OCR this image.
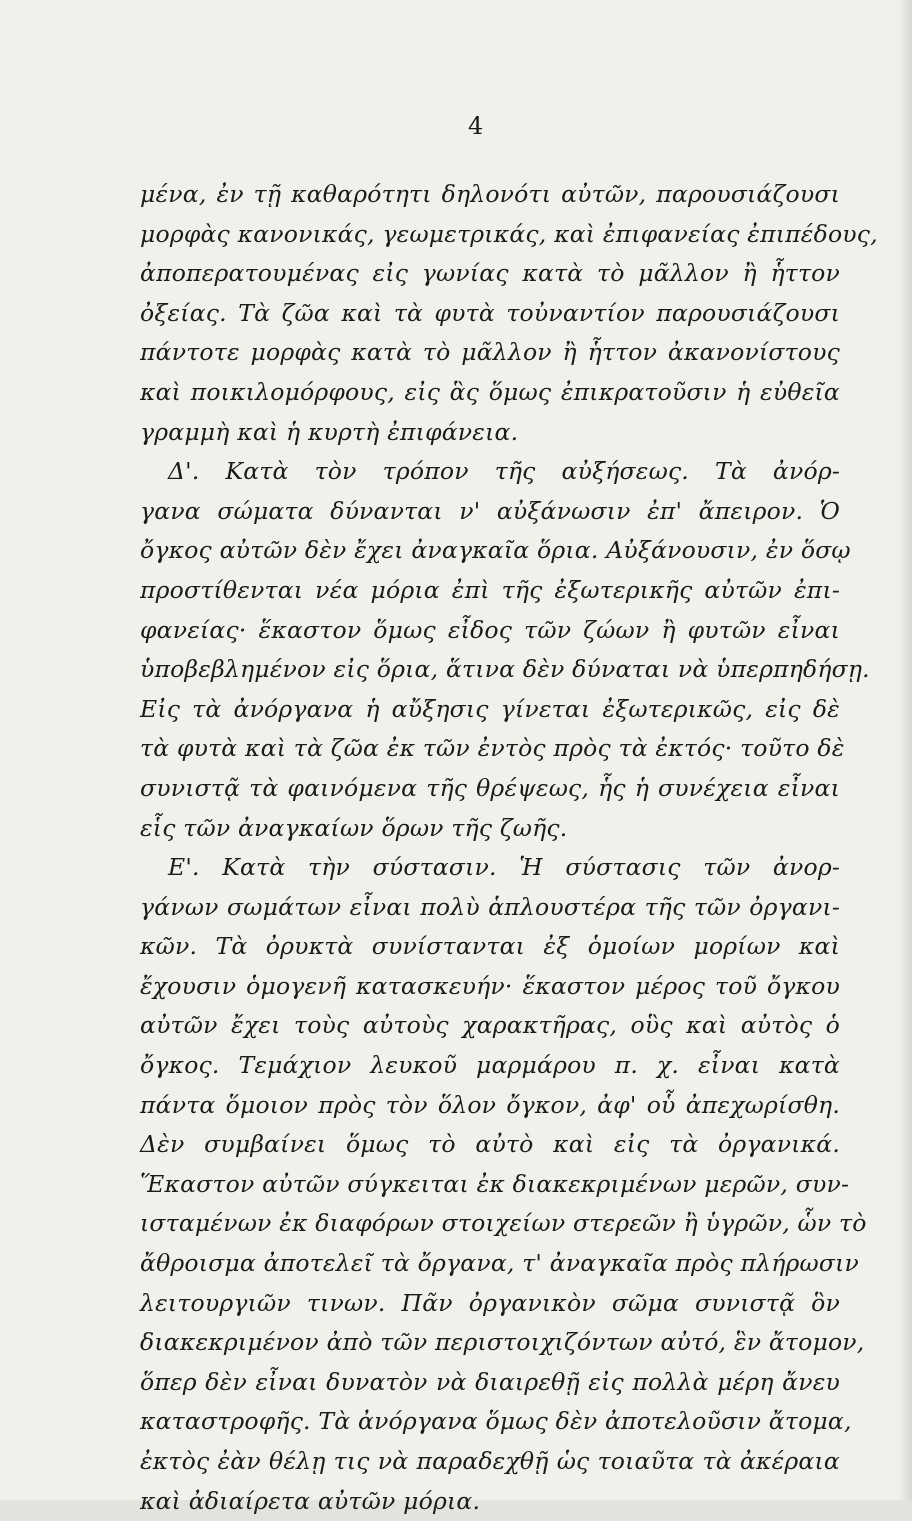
4
μένα, ἐν τῇ καθαρότητι δηλονότι αὐτῶν, παρουσιάζουσι
μορφὰς κανονικάς, γεωμετρικάς, καὶ ἐπιφανείας ἐπιπέδους,
ἀποπερατουμένας εἰς γωνίας κατὰ τὸ μᾶλλον ἢ ἧττον
ὀξείας. Τὰ ζῶα καὶ τὰ φυτὰ τοὐναντίον παρουσιάζουσι
πάντοτε μορφὰς κατὰ τὸ μᾶλλον ἢ ἧττον ἀκανονίστους
καὶ ποικιλομόρφους, εἰς ἃς ὅμως ἐπικρατοῦσιν ἡ εὐθεῖα
γραμμὴ καὶ ἡ κυρτὴ ἐπιφάνεια.
Δ'. Κατὰ τὸν τρόπον τῆς αὐξήσεως. Τὰ ἀνόρ-
γανα σώματα δύνανται ν' αὐξάνωσιν ἐπ' ἄπειρον. Ὁ
ὄγκος αὐτῶν δὲν ἔχει ἀναγκαῖα ὅρια. Αὐξάνουσιν, ἐν ὅσῳ
προστίθενται νέα μόρια ἐπὶ τῆς ἐξωτερικῆς αὐτῶν ἐπι-
φανείας· ἕκαστον ὅμως εἶδος τῶν ζώων ἢ φυτῶν εἶναι
ὑποβεβλημένον εἰς ὅρια, ἅτινα δὲν δύναται νὰ ὑπερπηδήσῃ.
Εἰς τὰ ἀνόργανα ἡ αὔξησις γίνεται ἐξωτερικῶς, εἰς δὲ
τὰ φυτὰ καὶ τὰ ζῶα ἐκ τῶν ἐντὸς πρὸς τὰ ἐκτός· τοῦτο δὲ
συνιστᾷ τὰ φαινόμενα τῆς θρέψεως, ἧς ἡ συνέχεια εἶναι
εἷς τῶν ἀναγκαίων ὅρων τῆς ζωῆς.
Ε'. Κατὰ τὴν σύστασιν. Ἡ σύστασις τῶν ἀνορ-
γάνων σωμάτων εἶναι πολὺ ἁπλουστέρα τῆς τῶν ὀργανι-
κῶν. Τὰ ὀρυκτὰ συνίστανται ἐξ ὁμοίων μορίων καὶ
ἔχουσιν ὁμογενῆ κατασκευήν· ἕκαστον μέρος τοῦ ὄγκου
αὐτῶν ἔχει τοὺς αὐτοὺς χαρακτῆρας, οὓς καὶ αὐτὸς ὁ
ὄγκος. Τεμάχιον λευκοῦ μαρμάρου π. χ. εἶναι κατὰ
πάντα ὅμοιον πρὸς τὸν ὅλον ὄγκον, ἀφ' οὗ ἀπεχωρίσθη.
Δὲν συμβαίνει ὅμως τὸ αὐτὸ καὶ εἰς τὰ ὀργανικά.
Ἕκαστον αὐτῶν σύγκειται ἐκ διακεκριμένων μερῶν, συν-
ισταμένων ἐκ διαφόρων στοιχείων στερεῶν ἢ ὑγρῶν, ὧν τὸ
ἄθροισμα ἀποτελεῖ τὰ ὄργανα, τ' ἀναγκαῖα πρὸς πλήρωσιν
λειτουργιῶν τινων. Πᾶν ὀργανικὸν σῶμα συνιστᾷ ὃν
διακεκριμένον ἀπὸ τῶν περιστοιχιζόντων αὐτό, ἓν ἄτομον,
ὅπερ δὲν εἶναι δυνατὸν νὰ διαιρεθῇ εἰς πολλὰ μέρη ἄνευ
καταστροφῆς. Τὰ ἀνόργανα ὅμως δὲν ἀποτελοῦσιν ἄτομα,
ἐκτὸς ἐὰν θέλῃ τις νὰ παραδεχθῇ ὡς τοιαῦτα τὰ ἀκέραια
καὶ ἀδιαίρετα αὐτῶν μόρια.
